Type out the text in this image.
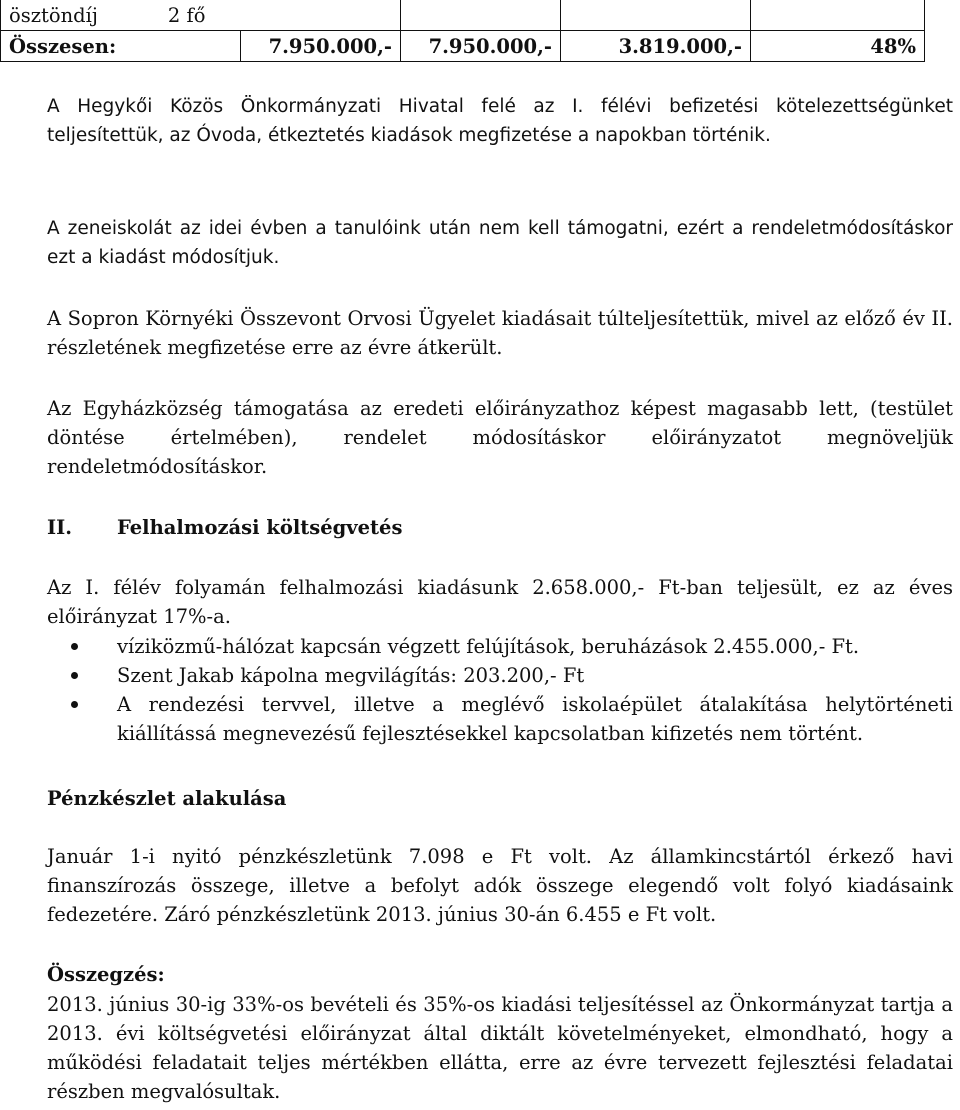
ösztöndíj 2 fő				
Összesen:	7.950.000,-	7.950.000,-	3.819.000,-	48%
A Hegykői Közös Önkormányzati Hivatal felé az I. félévi befizetési kötelezettségünket teljesítettük, az Óvoda, étkeztetés kiadások megfizetése a napokban történik.
A zeneiskolát az idei évben a tanulóink után nem kell támogatni, ezért a rendeletmódosításkor ezt a kiadást módosítjuk.
A Sopron Környéki Összevont Orvosi Ügyelet kiadásait túlteljesítettük, mivel az előző év II. részletének megfizetése erre az évre átkerült.
Az Egyházközség támogatása az eredeti előirányzathoz képest magasabb lett, (testület döntése értelmében), rendelet módosításkor előirányzatot megnöveljük rendeletmódosításkor.
II. Felhalmozási költségvetés
Az I. félév folyamán felhalmozási kiadásunk 2.658.000,- Ft-ban teljesült, ez az éves előirányzat 17%-a.
víziközmű-hálózat kapcsán végzett felújítások, beruházások 2.455.000,- Ft.
Szent Jakab kápolna megvilágítás: 203.200,- Ft
A rendezési tervvel, illetve a meglévő iskolaépület átalakítása helytörténeti kiállítássá megnevezésű fejlesztésekkel kapcsolatban kifizetés nem történt.
Pénzkészlet alakulása
Január 1-i nyitó pénzkészletünk 7.098 e Ft volt. Az államkincstártól érkező havi finanszírozás összege, illetve a befolyt adók összege elegendő volt folyó kiadásaink fedezetére. Záró pénzkészletünk 2013. június 30-án 6.455 e Ft volt.
Összegzés:
2013. június 30-ig 33%-os bevételi és 35%-os kiadási teljesítéssel az Önkormányzat tartja a 2013. évi költségvetési előirányzat által diktált követelményeket, elmondható, hogy a működési feladatait teljes mértékben ellátta, erre az évre tervezett fejlesztési feladatai részben megvalósultak.
